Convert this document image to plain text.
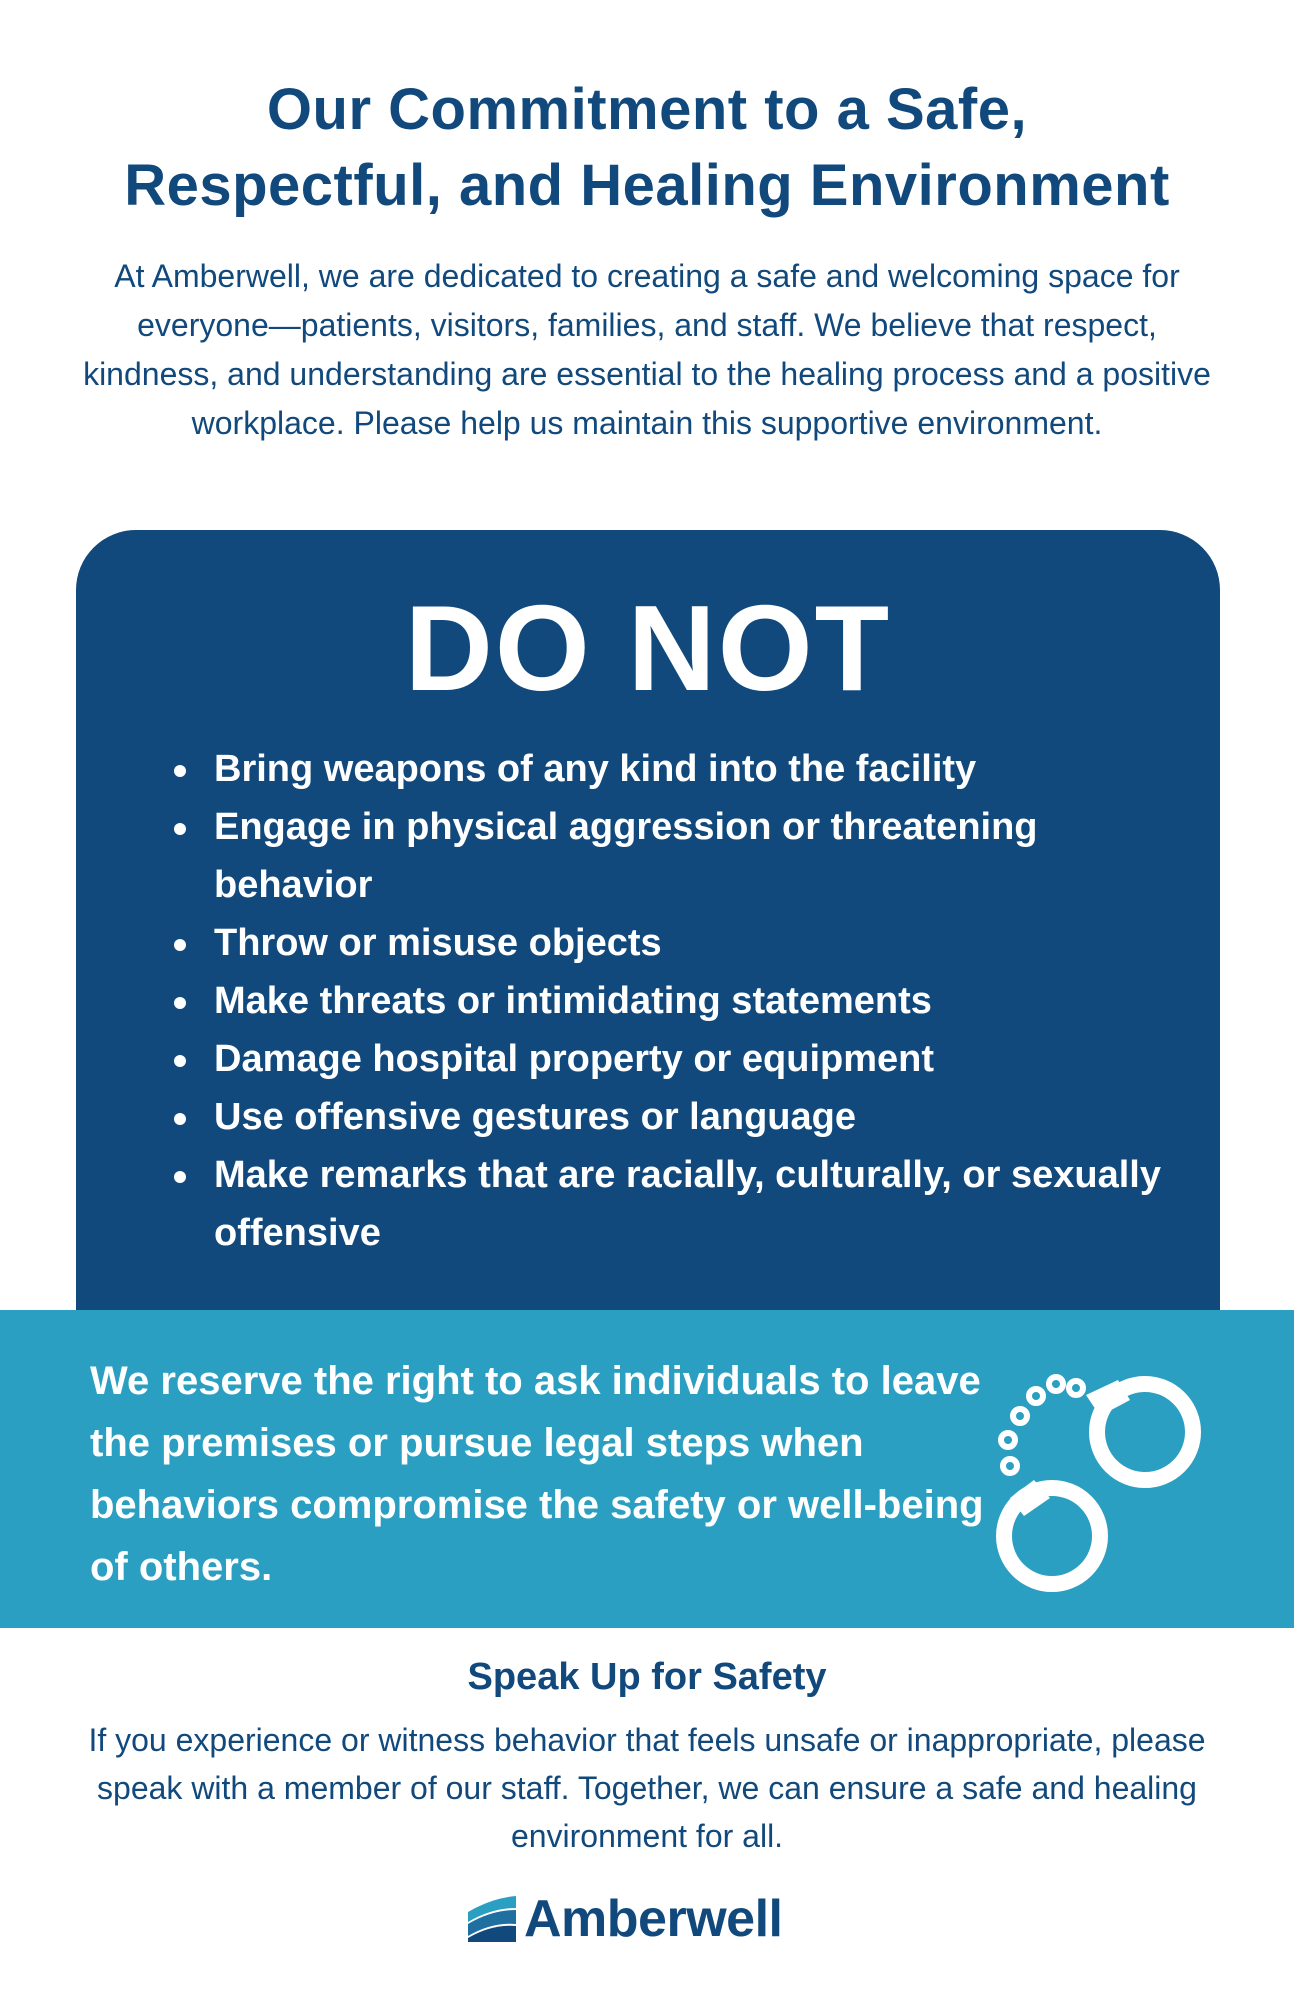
Our Commitment to a Safe,
Respectful, and Healing Environment

At Amberwell, we are dedicated to creating a safe and welcoming space for everyone—patients, visitors, families, and staff. We believe that respect, kindness, and understanding are essential to the healing process and a positive workplace. Please help us maintain this supportive environment.

DO NOT
Bring weapons of any kind into the facility
Engage in physical aggression or threatening behavior
Throw or misuse objects
Make threats or intimidating statements
Damage hospital property or equipment
Use offensive gestures or language
Make remarks that are racially, culturally, or sexually offensive

We reserve the right to ask individuals to leave the premises or pursue legal steps when behaviors compromise the safety or well-being of others.

Speak Up for Safety

If you experience or witness behavior that feels unsafe or inappropriate, please speak with a member of our staff. Together, we can ensure a safe and healing environment for all.

Amberwell
